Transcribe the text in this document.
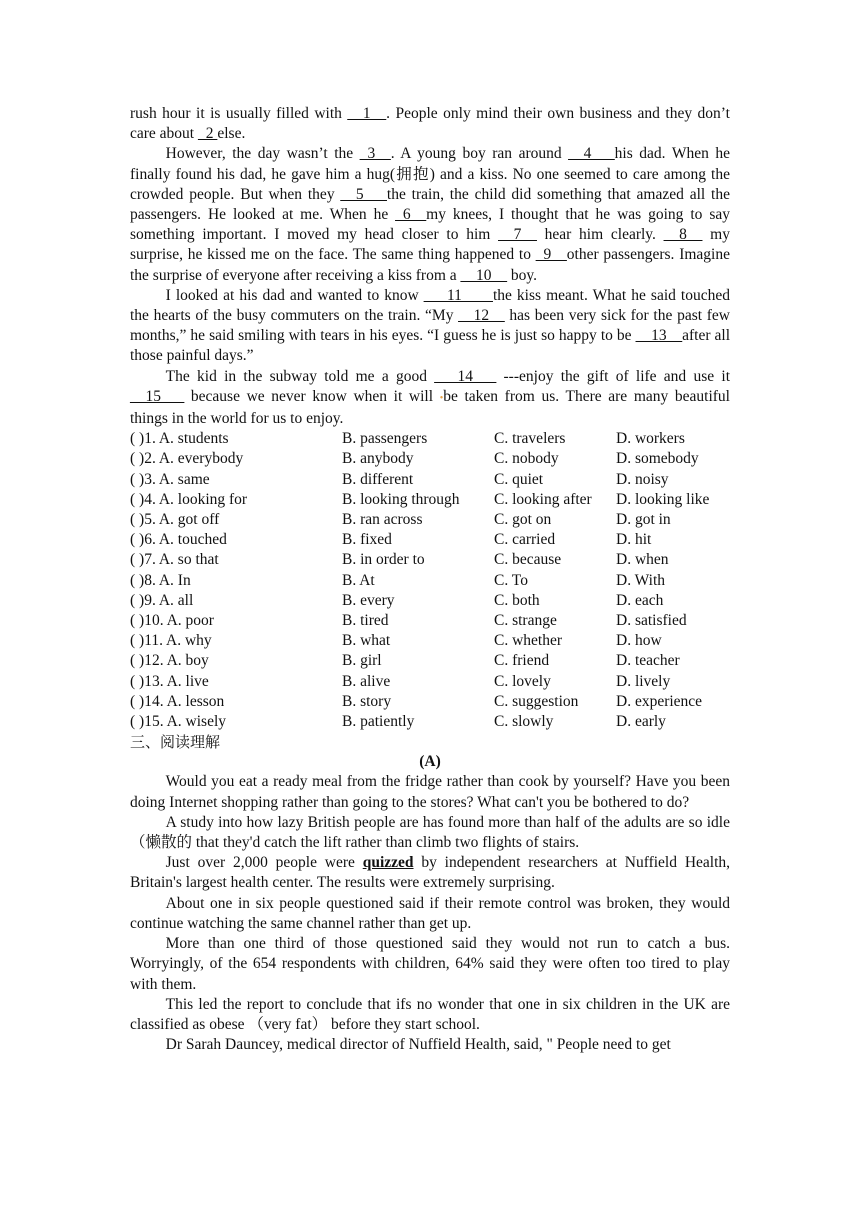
rush hour it is usually filled with __1__. People only mind their own business and they don’t care about _2 else.

However, the day wasn’t the _3__. A young boy ran around __4___his dad. When he finally found his dad, he gave him a hug(拥抱) and a kiss. No one seemed to care among the crowded people. But when they __5___the train, the child did something that amazed all the passengers. He looked at me. When he _6__my knees, I thought that he was going to say something important. I moved my head closer to him __7__ hear him clearly. __8__ my surprise, he kissed me on the face. The same thing happened to _9__other passengers. Imagine the surprise of everyone after receiving a kiss from a __10__ boy.

I looked at his dad and wanted to know ___11____the kiss meant. What he said touched the hearts of the busy commuters on the train. “My __12__ has been very sick for the past few months,” he said smiling with tears in his eyes. “I guess he is just so happy to be __13__after all those painful days.”

The kid in the subway told me a good ___14___ ---enjoy the gift of life and use it __15___ because we never know when it will •be taken from us. There are many beautiful things in the world for us to enjoy.

( )1. A. students	B. passengers	C. travelers	D. workers
( )2. A. everybody	B. anybody	C. nobody	D. somebody
( )3. A. same	B. different	C. quiet	D. noisy
( )4. A. looking for	B. looking through C. looking after D. looking like
( )5. A. got off	B. ran across	C. got on	D. got in
( )6. A. touched	B. fixed	C. carried	D. hit
( )7. A. so that	B. in order to	C. because	D. when
( )8. A. In	B. At	C. To	D. With
( )9. A. all	B. every	C. both	D. each
( )10. A. poor	B. tired	C. strange	D. satisfied
( )11. A. why	B. what	C. whether	D. how
( )12. A. boy	B. girl	C. friend	D. teacher
( )13. A. live	B. alive	C. lovely	D. lively
( )14. A. lesson	B. story	C. suggestion D. experience
( )15. A. wisely	B. patiently	C. slowly	D. early

三、阅读理解

(A)

Would you eat a ready meal from the fridge rather than cook by yourself? Have you been doing Internet shopping rather than going to the stores? What can't you be bothered to do?

A study into how lazy British people are has found more than half of the adults are so idle （懒散的 that they'd catch the lift rather than climb two flights of stairs.

Just over 2,000 people were quizzed by independent researchers at Nuffield Health, Britain's largest health center. The results were extremely surprising.

About one in six people questioned said if their remote control was broken, they would continue watching the same channel rather than get up.

More than one third of those questioned said they would not run to catch a bus. Worryingly, of the 654 respondents with children, 64% said they were often too tired to play with them.

This led the report to conclude that ifs no wonder that one in six children in the UK are classified as obese （very fat） before they start school.

Dr Sarah Dauncey, medical director of Nuffield Health, said, " People need to get
